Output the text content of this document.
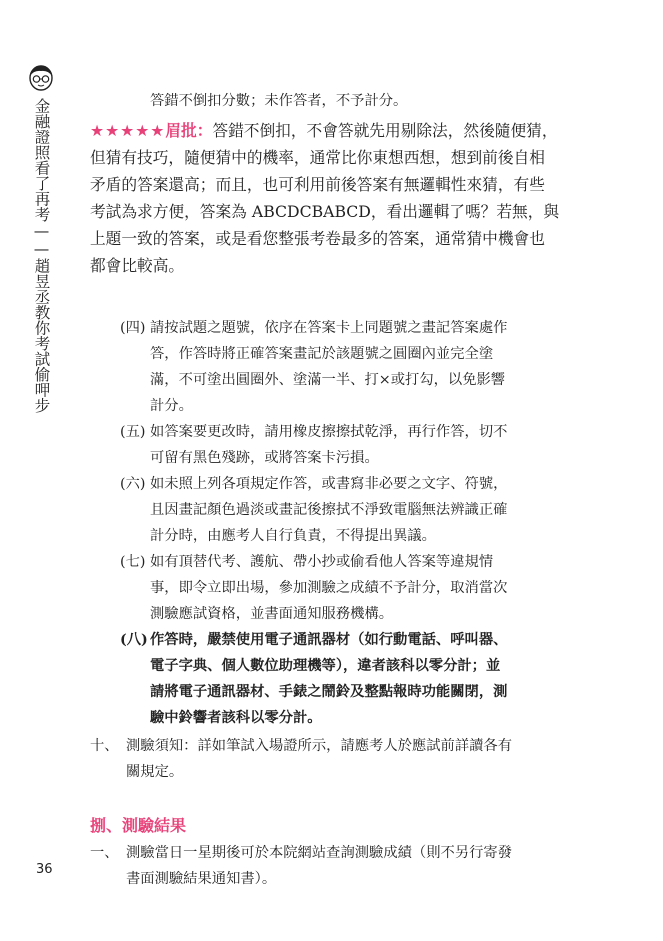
金融證照看了再考——趙昱丞教你考試偷呷步	答錯不倒扣分數；未作答者，不予計分。
★★★★★眉批：答錯不倒扣，不會答就先用剔除法，然後隨便猜，
但猜有技巧，隨便猜中的機率，通常比你東想西想，想到前後自相
矛盾的答案還高；而且，也可利用前後答案有無邏輯性來猜，有些
考試為求方便，答案為 ABCDCBABCD，看出邏輯了嗎？若無，與
上題一致的答案，或是看您整張考卷最多的答案，通常猜中機會也
都會比較高。
(四) 請按試題之題號，依序在答案卡上同題號之畫記答案處作
答，作答時將正確答案畫記於該題號之圓圈內並完全塗
滿，不可塗出圓圈外、塗滿一半、打×或打勾，以免影響
計分。
(五) 如答案要更改時，請用橡皮擦擦拭乾淨，再行作答，切不
可留有黑色殘跡，或將答案卡污損。
(六) 如未照上列各項規定作答，或書寫非必要之文字、符號，
且因畫記顏色過淡或畫記後擦拭不淨致電腦無法辨識正確
計分時，由應考人自行負責，不得提出異議。
(七) 如有頂替代考、護航、帶小抄或偷看他人答案等違規情
事，即令立即出場，參加測驗之成績不予計分，取消當次
測驗應試資格，並書面通知服務機構。
(八) 作答時，嚴禁使用電子通訊器材（如行動電話、呼叫器、
電子字典、個人數位助理機等），違者該科以零分計；並
請將電子通訊器材、手錶之鬧鈴及整點報時功能關閉，測
驗中鈴響者該科以零分計。
十、 測驗須知：詳如筆試入場證所示，請應考人於應試前詳讀各有
關規定。
捌、測驗結果
一、 測驗當日一星期後可於本院網站查詢測驗成績（則不另行寄發
書面測驗結果通知書）。
36
